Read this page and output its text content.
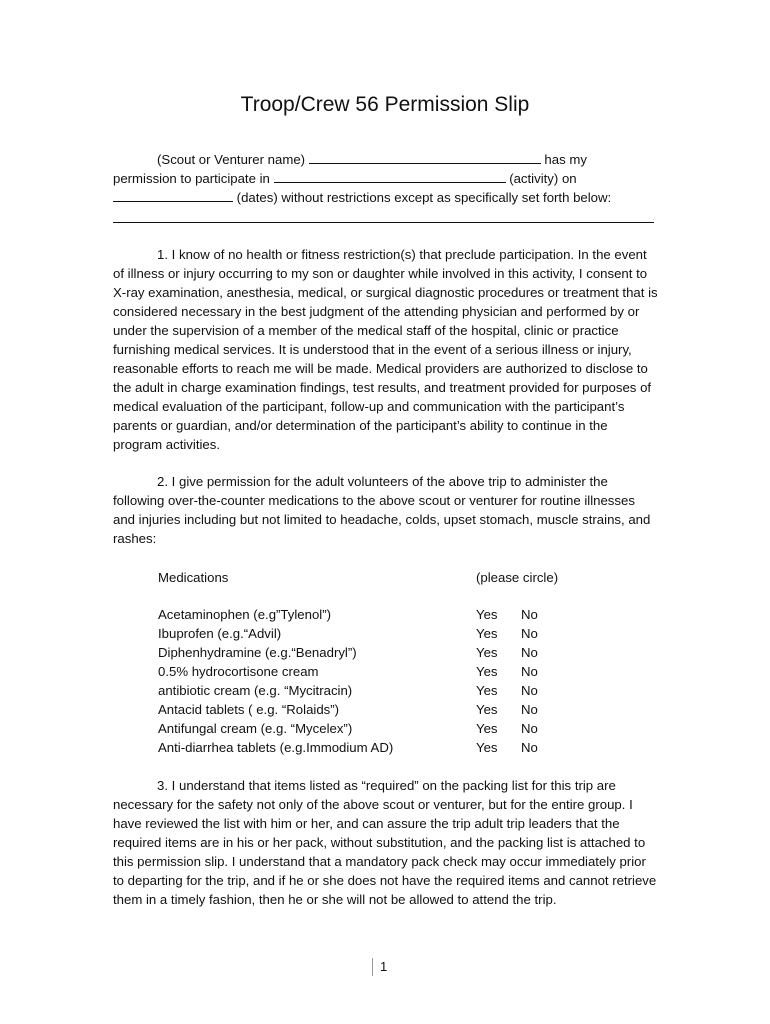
Troop/Crew 56 Permission Slip
(Scout or Venturer name)	has my
permission to participate in	(activity) on
(dates) without restrictions except as specifically set forth below:
1. I know of no health or fitness restriction(s) that preclude participation. In the event of illness or injury occurring to my son or daughter while involved in this activity, I consent to X-ray examination, anesthesia, medical, or surgical diagnostic procedures or treatment that is considered necessary in the best judgment of the attending physician and performed by or under the supervision of a member of the medical staff of the hospital, clinic or practice furnishing medical services. It is understood that in the event of a serious illness or injury, reasonable efforts to reach me will be made. Medical providers are authorized to disclose to the adult in charge examination findings, test results, and treatment provided for purposes of medical evaluation of the participant, follow-up and communication with the participant’s parents or guardian, and/or determination of the participant’s ability to continue in the program activities.
2. I give permission for the adult volunteers of the above trip to administer the following over-the-counter medications to the above scout or venturer for routine illnesses and injuries including but not limited to headache, colds, upset stomach, muscle strains, and rashes:
Medications	(please circle)
Acetaminophen (e.g”Tylenol”)	Yes No
Ibuprofen (e.g.“Advil)	Yes No
Diphenhydramine (e.g.“Benadryl”)	Yes No
0.5% hydrocortisone cream	Yes No
antibiotic cream (e.g. “Mycitracin)	Yes No
Antacid tablets ( e.g. “Rolaids”)	Yes No
Antifungal cream (e.g. “Mycelex”)	Yes No
Anti-diarrhea tablets (e.g.Immodium AD)	Yes No
3. I understand that items listed as “required” on the packing list for this trip are necessary for the safety not only of the above scout or venturer, but for the entire group. I have reviewed the list with him or her, and can assure the trip adult trip leaders that the required items are in his or her pack, without substitution, and the packing list is attached to this permission slip. I understand that a mandatory pack check may occur immediately prior to departing for the trip, and if he or she does not have the required items and cannot retrieve them in a timely fashion, then he or she will not be allowed to attend the trip.
1
